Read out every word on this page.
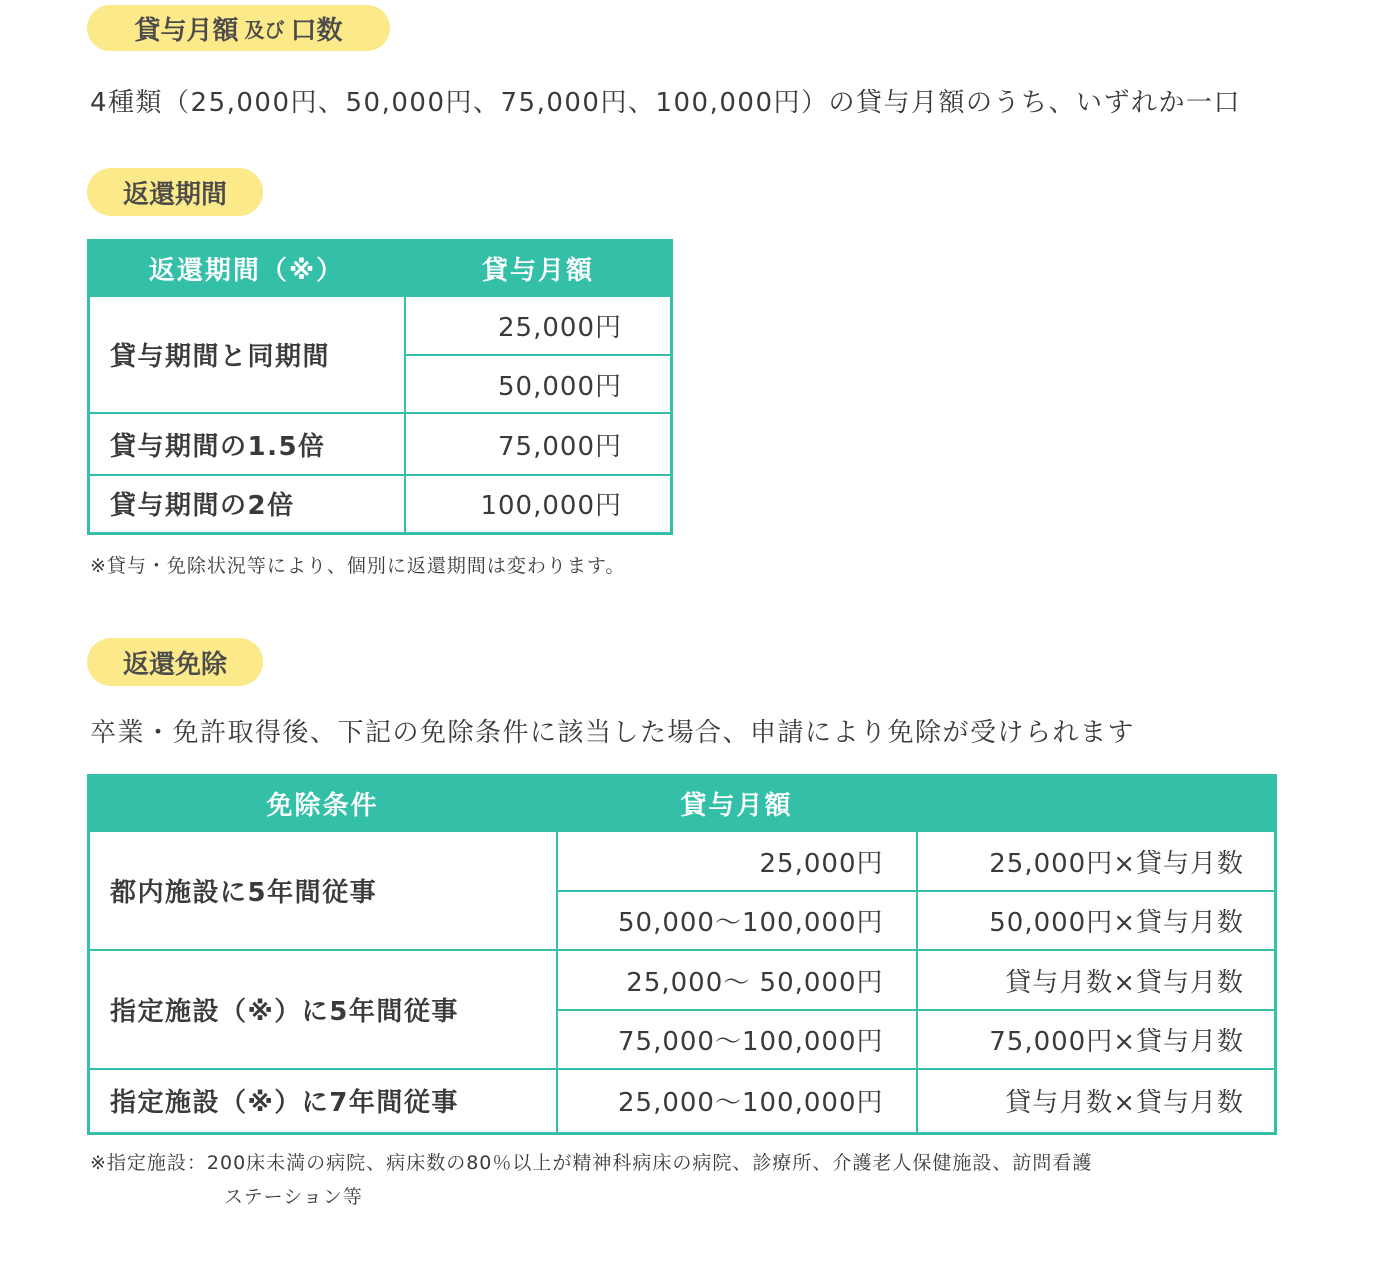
貸与月額 及び 口数
4種類（25,000円、50,000円、75,000円、100,000円）の貸与月額のうち、いずれか一口
返還期間
返還期間（※）	貸与月額
貸与期間と同期間	25,000円
	50,000円
貸与期間の1.5倍	75,000円
貸与期間の2倍	100,000円
※貸与・免除状況等により、個別に返還期間は変わります。
返還免除
卒業・免許取得後、下記の免除条件に該当した場合、申請により免除が受けられます
免除条件	貸与月額	
都内施設に5年間従事	25,000円	25,000円×貸与月数
	50,000〜100,000円	50,000円×貸与月数
指定施設（※）に5年間従事	25,000〜 50,000円	貸与月数×貸与月数
	75,000〜100,000円	75,000円×貸与月数
指定施設（※）に7年間従事	25,000〜100,000円	貸与月数×貸与月数
※指定施設：200床未満の病院、病床数の80％以上が精神科病床の病院、診療所、介護老人保健施設、訪問看護
ステーション等
